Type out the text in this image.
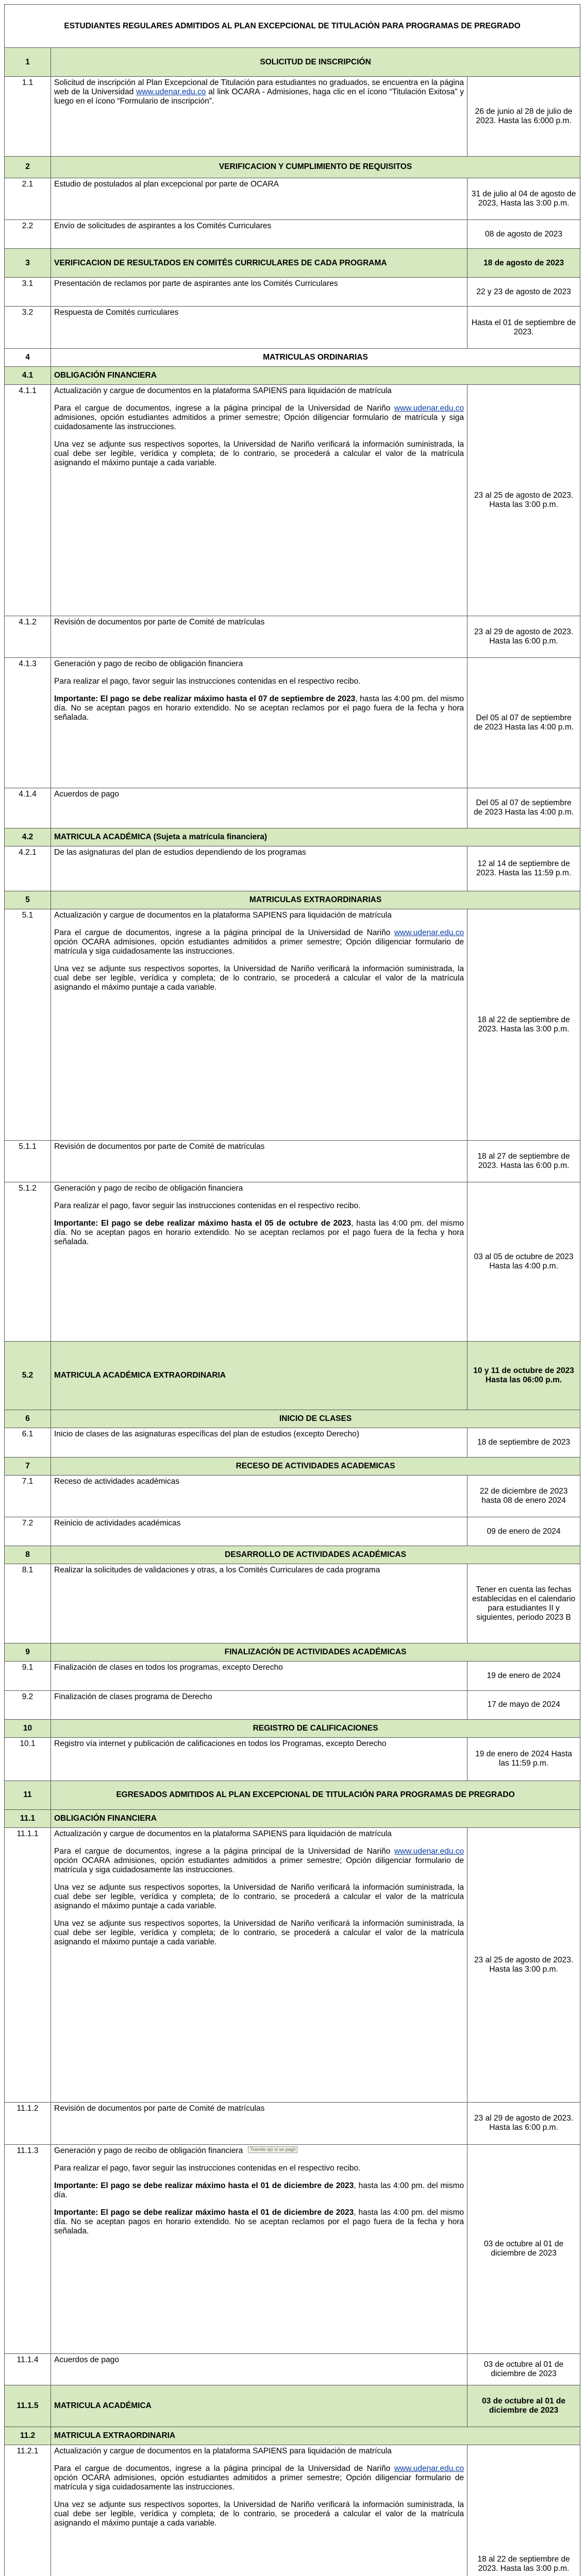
ESTUDIANTES REGULARES ADMITIDOS AL PLAN EXCEPCIONAL DE TITULACIÓN PARA PROGRAMAS DE PREGRADO		
1	SOLICITUD DE INSCRIPCIÓN	
1.1	Solicitud de inscripción al Plan Excepcional de Titulación para estudiantes no graduados, se encuentra en la página web de la Universidad www.udenar.edu.co al link OCARA - Admisiones, haga clic en el ícono “Titulación Exitosa” y luego en el ícono “Formulario de inscripción”.	26 de junio al 28 de julio de 2023. Hasta las 6:000 p.m.
2	VERIFICACION Y CUMPLIMIENTO DE REQUISITOS	
2.1	Estudio de postulados al plan excepcional por parte de OCARA	31 de julio al 04 de agosto de 2023, Hasta las 3:00 p.m.
2.2	Envío de solicitudes de aspirantes a los Comités Curriculares	08 de agosto de 2023
3	VERIFICACION DE RESULTADOS EN COMITÉS CURRICULARES DE CADA PROGRAMA	18 de agosto de 2023
3.1	Presentación de reclamos por parte de aspirantes ante los Comités Curriculares	22 y 23 de agosto de 2023
3.2	Respuesta de Comités curriculares	Hasta el 01 de septiembre de 2023.
4	MATRICULAS ORDINARIAS	
4.1	OBLIGACIÓN FINANCIERA	
4.1.1	Actualización y cargue de documentos en la plataforma SAPIENS para liquidación de matrícula
Para el cargue de documentos, ingrese a la página principal de la Universidad de Nariño www.udenar.edu.co admisiones, opción estudiantes admitidos a primer semestre; Opción diligenciar formulario de matrícula y siga cuidadosamente las instrucciones.
Una vez se adjunte sus respectivos soportes, la Universidad de Nariño verificará la información suministrada, la cual debe ser legible, verídica y completa; de lo contrario, se procederá a calcular el valor de la matrícula asignando el máximo puntaje a cada variable.	23 al 25 de agosto de 2023. Hasta las 3:00 p.m.
4.1.2	Revisión de documentos por parte de Comité de matrículas	23 al 29 de agosto de 2023. Hasta las 6:00 p.m.
4.1.3	Generación y pago de recibo de obligación financiera
Para realizar el pago, favor seguir las instrucciones contenidas en el respectivo recibo.
Importante: El pago se debe realizar máximo hasta el 07 de septiembre de 2023, hasta las 4:00 pm. del mismo día. No se aceptan pagos en horario extendido. No se aceptan reclamos por el pago fuera de la fecha y hora señalada.	Del 05 al 07 de septiembre de 2023 Hasta las 4:00 p.m.
4.1.4	Acuerdos de pago	Del 05 al 07 de septiembre de 2023 Hasta las 4:00 p.m.
4.2	MATRICULA ACADÉMICA (Sujeta a matrícula financiera)	
4.2.1	De las asignaturas del plan de estudios dependiendo de los programas	12 al 14 de septiembre de 2023. Hasta las 11:59 p.m.
5	MATRICULAS EXTRAORDINARIAS	
5.1	Actualización y cargue de documentos en la plataforma SAPIENS para liquidación de matrícula
Para el cargue de documentos, ingrese a la página principal de la Universidad de Nariño www.udenar.edu.co opción OCARA admisiones, opción estudiantes admitidos a primer semestre; Opción diligenciar formulario de matrícula y siga cuidadosamente las instrucciones.
Una vez se adjunte sus respectivos soportes, la Universidad de Nariño verificará la información suministrada, la cual debe ser legible, verídica y completa; de lo contrario, se procederá a calcular el valor de la matrícula asignando el máximo puntaje a cada variable.	18 al 22 de septiembre de 2023. Hasta las 3:00 p.m.
5.1.1	Revisión de documentos por parte de Comité de matrículas	18 al 27 de septiembre de 2023. Hasta las 6:00 p.m.
5.1.2	Generación y pago de recibo de obligación financiera
Para realizar el pago, favor seguir las instrucciones contenidas en el respectivo recibo.
Importante: El pago se debe realizar máximo hasta el 05 de octubre de 2023, hasta las 4:00 pm. del mismo día. No se aceptan pagos en horario extendido. No se aceptan reclamos por el pago fuera de la fecha y hora señalada.	03 al 05 de octubre de 2023 Hasta las 4:00 p.m.
5.2	MATRICULA ACADÉMICA EXTRAORDINARIA	10 y 11 de octubre de 2023 Hasta las 06:00 p.m.
6	INICIO DE CLASES	
6.1	Inicio de clases de las asignaturas específicas del plan de estudios (excepto Derecho)	18 de septiembre de 2023
7	RECESO DE ACTIVIDADES ACADEMICAS	
7.1	Receso de actividades académicas	22 de diciembre de 2023 hasta 08 de enero 2024
7.2	Reinicio de actividades académicas	09 de enero de 2024
8	DESARROLLO DE ACTIVIDADES ACADÉMICAS	
8.1	Realizar la solicitudes de validaciones y otras, a los Comités Curriculares de cada programa	Tener en cuenta las fechas establecidas en el calendario para estudiantes II y siguientes, periodo 2023 B
9	FINALIZACIÓN DE ACTIVIDADES ACADÉMICAS	
9.1	Finalización de clases en todos los programas, excepto Derecho	19 de enero de 2024
9.2	Finalización de clases programa de Derecho	17 de mayo de 2024
10	REGISTRO DE CALIFICACIONES	
10.1	Registro vía internet y publicación de calificaciones en todos los Programas, excepto Derecho	19 de enero de 2024 Hasta las 11:59 p.m.
11	EGRESADOS ADMITIDOS AL PLAN EXCEPCIONAL DE TITULACIÓN PARA PROGRAMAS DE PREGRADO	
11.1	OBLIGACIÓN FINANCIERA	
11.1.1	Actualización y cargue de documentos en la plataforma SAPIENS para liquidación de matrícula
Para el cargue de documentos, ingrese a la página principal de la Universidad de Nariño www.udenar.edu.co opción OCARA admisiones, opción estudiantes admitidos a primer semestre; Opción diligenciar formulario de matrícula y siga cuidadosamente las instrucciones.
Una vez se adjunte sus respectivos soportes, la Universidad de Nariño verificará la información suministrada, la cual debe ser legible, verídica y completa; de lo contrario, se procederá a calcular el valor de la matrícula asignando el máximo puntaje a cada variable.
Una vez se adjunte sus respectivos soportes, la Universidad de Nariño verificará la información suministrada, la cual debe ser legible, verídica y completa; de lo contrario, se procederá a calcular el valor de la matrícula asignando el máximo puntaje a cada variable.	23 al 25 de agosto de 2023. Hasta las 3:00 p.m.
11.1.2	Revisión de documentos por parte de Comité de matrículas	23 al 29 de agosto de 2023. Hasta las 6:00 p.m.
11.1.3	Generación y pago de recibo de obligación financiera Tramite ojo si se pagó
Para realizar el pago, favor seguir las instrucciones contenidas en el respectivo recibo.
Importante: El pago se debe realizar máximo hasta el 01 de diciembre de 2023, hasta las 4:00 pm. del mismo día.
Importante: El pago se debe realizar máximo hasta el 01 de diciembre de 2023, hasta las 4:00 pm. del mismo día. No se aceptan pagos en horario extendido. No se aceptan reclamos por el pago fuera de la fecha y hora señalada.	03 de octubre al 01 de diciembre de 2023
11.1.4	Acuerdos de pago	03 de octubre al 01 de diciembre de 2023
11.1.5	MATRICULA ACADÉMICA	03 de octubre al 01 de diciembre de 2023
11.2	MATRICULA EXTRAORDINARIA	
11.2.1	Actualización y cargue de documentos en la plataforma SAPIENS para liquidación de matrícula
Para el cargue de documentos, ingrese a la página principal de la Universidad de Nariño www.udenar.edu.co opción OCARA admisiones, opción estudiantes admitidos a primer semestre; Opción diligenciar formulario de matrícula y siga cuidadosamente las instrucciones.
Una vez se adjunte sus respectivos soportes, la Universidad de Nariño verificará la información suministrada, la cual debe ser legible, verídica y completa; de lo contrario, se procederá a calcular el valor de la matrícula asignando el máximo puntaje a cada variable.	18 al 22 de septiembre de 2023. Hasta las 3:00 p.m.
